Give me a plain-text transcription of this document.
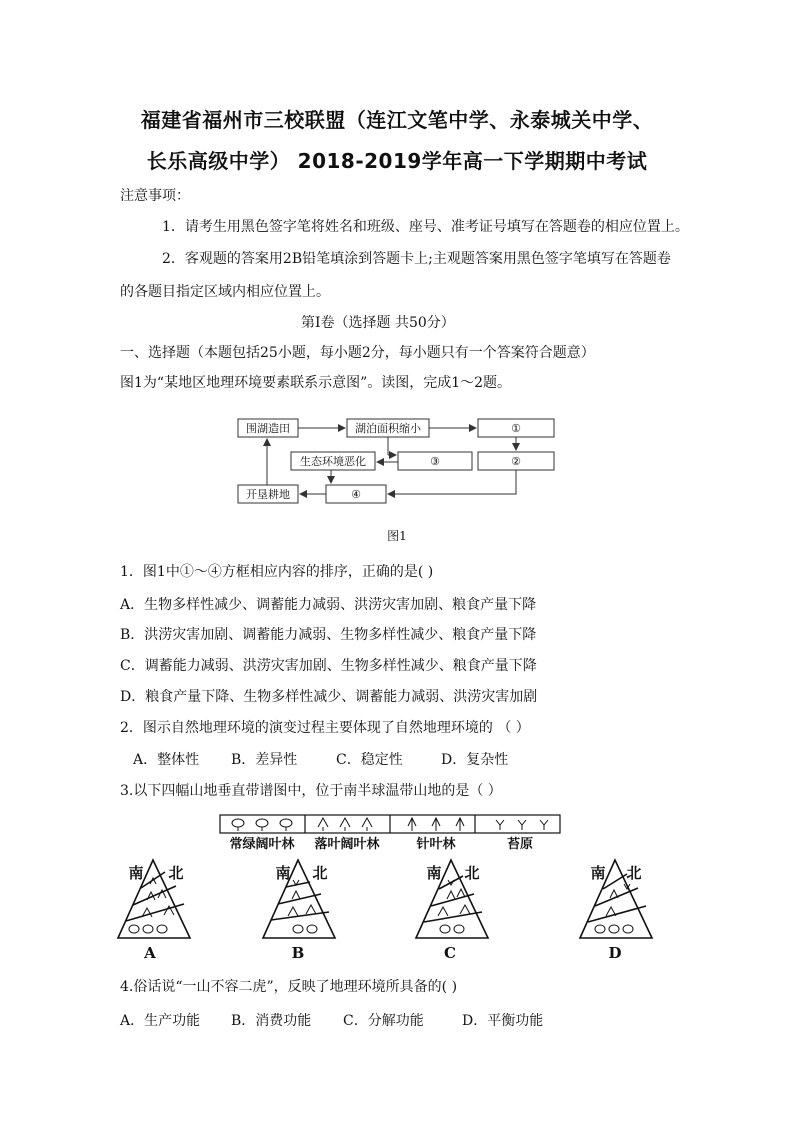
福建省福州市三校联盟（连江文笔中学、永泰城关中学、
长乐高级中学） 2018-2019学年高一下学期期中考试
注意事项：
1．请考生用黑色签字笔将姓名和班级、座号、准考证号填写在答题卷的相应位置上。
2．客观题的答案用2B铅笔填涂到答题卡上;主观题答案用黑色签字笔填写在答题卷
的各题目指定区域内相应位置上。
第Ⅰ卷（选择题 共50分）
一、选择题（本题包括25小题，每小题2分，每小题只有一个答案符合题意）
图1为“某地区地理环境要素联系示意图”。读图，完成1～2题。
围湖造田	湖泊面积缩小	①
生态环境恶化	③	②
开垦耕地	④
图1
1．图1中①～④方框相应内容的排序，正确的是( )
A．生物多样性减少、调蓄能力减弱、洪涝灾害加剧、粮食产量下降
B．洪涝灾害加剧、调蓄能力减弱、生物多样性减少、粮食产量下降
C．调蓄能力减弱、洪涝灾害加剧、生物多样性减少、粮食产量下降
D．粮食产量下降、生物多样性减少、调蓄能力减弱、洪涝灾害加剧
2．图示自然地理环境的演变过程主要体现了自然地理环境的 （ ）
A．整体性 B．差异性	C．稳定性	D．复杂性
3.以下四幅山地垂直带谱图中，位于南半球温带山地的是（ ）
常绿阔叶林 落叶阔叶林	针叶林	苔原
南 北	南 北	南 北	南 北
A	B	C	D
4.俗话说“一山不容二虎”，反映了地理环境所具备的( )
A．生产功能 B．消费功能 C．分解功能	D．平衡功能
